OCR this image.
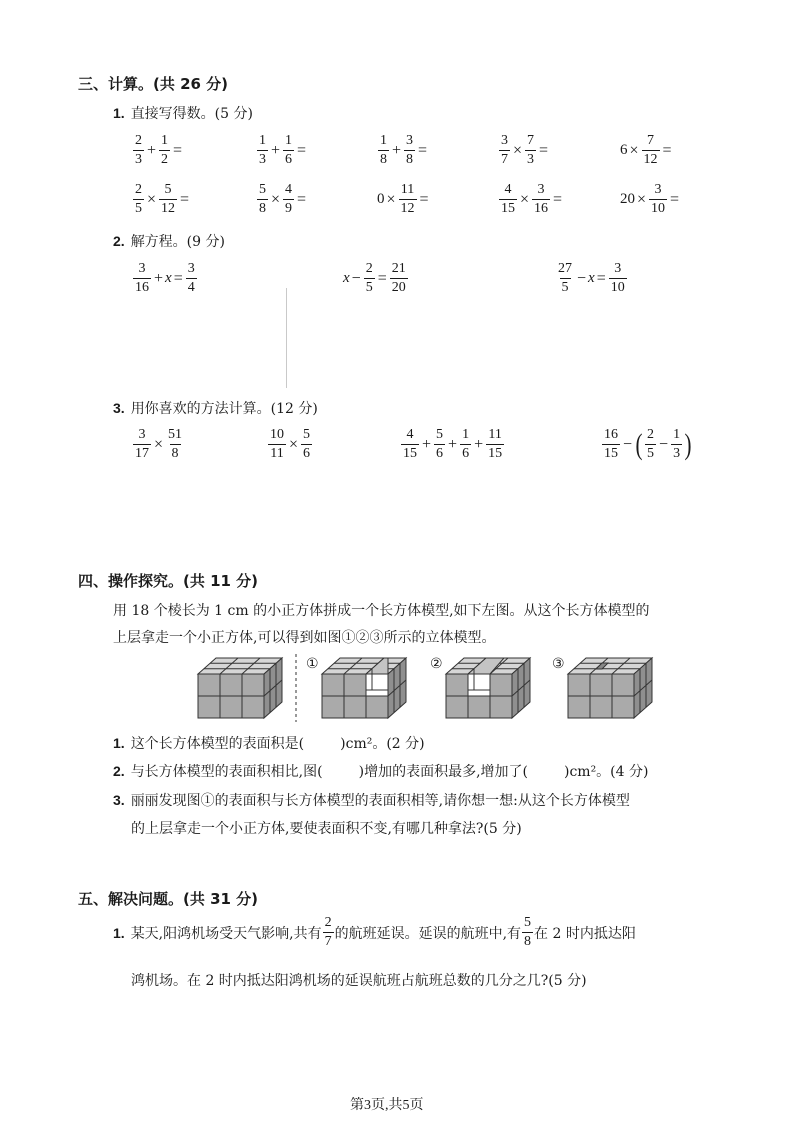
三、计算。(共 26 分)
1. 直接写得数。(5 分)
$\frac{2}{3} + \frac{1}{2}$ =	$\frac{1}{3} + \frac{1}{6}$ =	$\frac{1}{8} + \frac{3}{8}$ =	$\frac{3}{7} \times \frac{7}{3}$ =	$6 \times \frac{7}{12}$ =
$\frac{2}{5} \times \frac{5}{12}$ =	$\frac{5}{8} \times \frac{4}{9}$ =	$0 \times \frac{11}{12}$ =	$\frac{4}{15} \times \frac{3}{16}$ =	$20 \times \frac{3}{10}$ =
2. 解方程。(9 分)
$\frac{3}{16} + x = \frac{3}{4}$	$x - \frac{2}{5} = \frac{21}{20}$	$\frac{27}{5} - x = \frac{3}{10}$
3. 用你喜欢的方法计算。(12 分)
$\frac{3}{17} \times \frac{51}{8}$	$\frac{10}{11} \times \frac{5}{6}$	$\frac{4}{15} + \frac{5}{6} + \frac{1}{6} + \frac{11}{15}$	$\frac{16}{15}$ − ( $\frac{2}{5} - \frac{1}{3}$ )
四、操作探究。(共 11 分)
用 18 个棱长为 1 cm 的小正方体拼成一个长方体模型,如下左图。从这个长方体模型的
上层拿走一个小正方体,可以得到如图①②③所示的立体模型。
①	②	③
1. 这个长方体模型的表面积是(	)cm²。(2 分)
2. 与长方体模型的表面积相比,图(	)增加的表面积最多,增加了(	)cm²。(4 分)
3. 丽丽发现图①的表面积与长方体模型的表面积相等,请你想一想:从这个长方体模型
的上层拿走一个小正方体,要使表面积不变,有哪几种拿法?(5 分)
五、解决问题。(共 31 分)
1. 某天,阳鸿机场受天气影响,共有 $\frac{2}{7}$ 的航班延误。延误的航班中,有 $\frac{5}{8}$ 在 2 时内抵达阳
鸿机场。在 2 时内抵达阳鸿机场的延误航班占航班总数的几分之几?(5 分)
第3页,共5页
